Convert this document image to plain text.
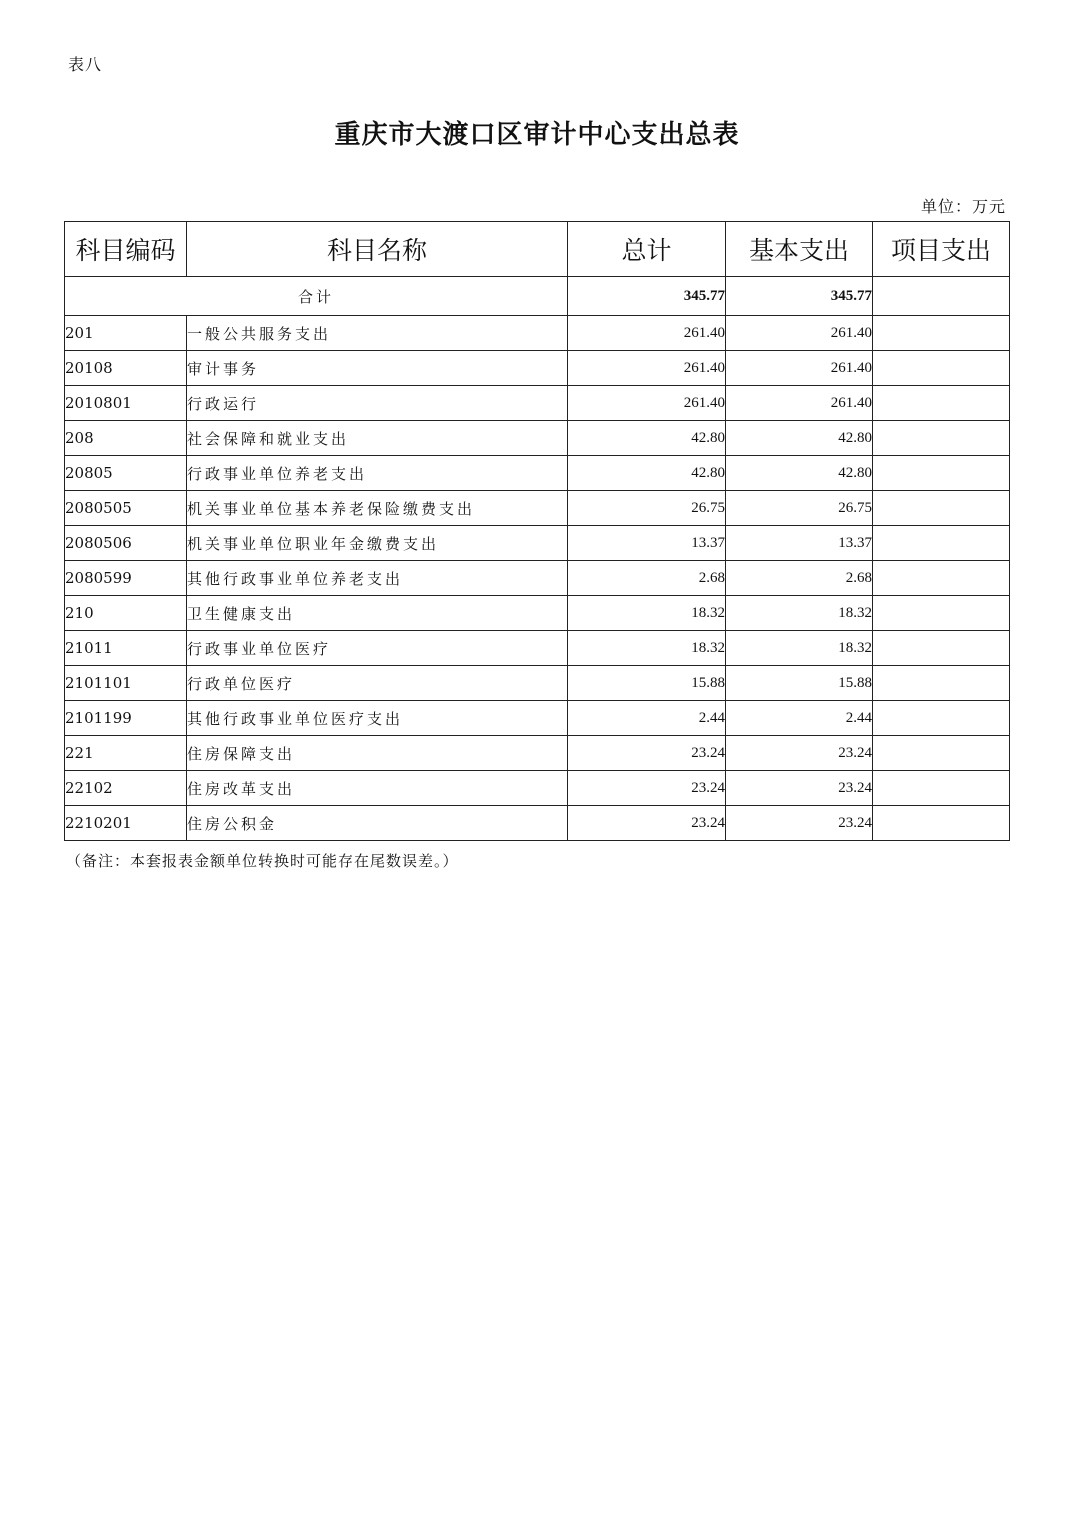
表八
重庆市大渡口区审计中心支出总表
单位：万元
科目编码	科目名称	总计	基本支出	项目支出
合计		345.77	345.77	
201	一般公共服务支出	261.40	261.40	
20108	审计事务	261.40	261.40	
2010801	行政运行	261.40	261.40	
208	社会保障和就业支出	42.80	42.80	
20805	行政事业单位养老支出	42.80	42.80	
2080505	机关事业单位基本养老保险缴费支出	26.75	26.75	
2080506	机关事业单位职业年金缴费支出	13.37	13.37	
2080599	其他行政事业单位养老支出	2.68	2.68	
210	卫生健康支出	18.32	18.32	
21011	行政事业单位医疗	18.32	18.32	
2101101	行政单位医疗	15.88	15.88	
2101199	其他行政事业单位医疗支出	2.44	2.44	
221	住房保障支出	23.24	23.24	
22102	住房改革支出	23.24	23.24	
2210201	住房公积金	23.24	23.24	
（备注：本套报表金额单位转换时可能存在尾数误差。）
